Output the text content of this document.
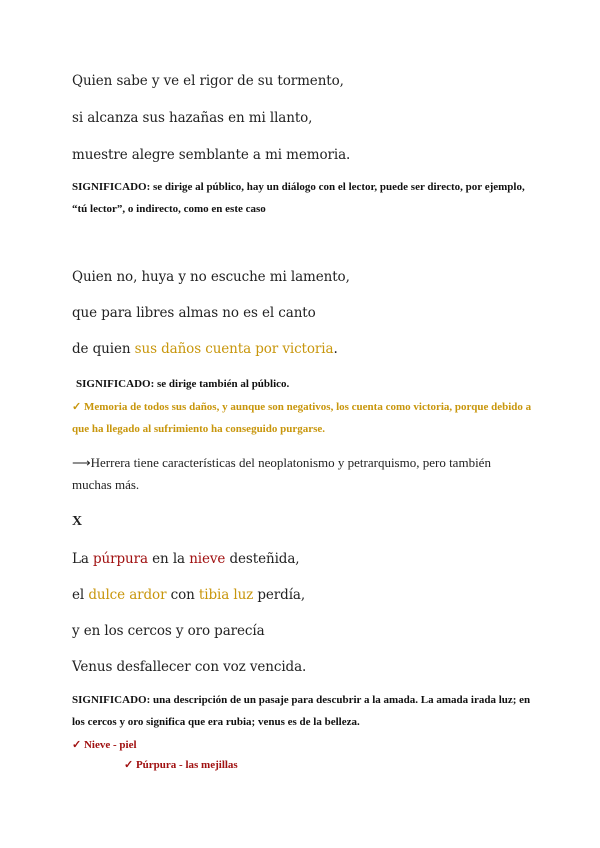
Quien sabe y ve el rigor de su tormento,
si alcanza sus hazañas en mi llanto,
muestre alegre semblante a mi memoria.
SIGNIFICADO: se dirige al público, hay un diálogo con el lector, puede ser directo, por ejemplo, “tú lector”, o indirecto, como en este caso
Quien no, huya y no escuche mi lamento,
que para libres almas no es el canto
de quien sus daños cuenta por victoria.
SIGNIFICADO: se dirige también al público.
✓ Memoria de todos sus daños, y aunque son negativos, los cuenta como victoria, porque debido a que ha llegado al sufrimiento ha conseguido purgarse.
⟶Herrera tiene características del neoplatonismo y petrarquismo, pero también muchas más.
X
La púrpura en la nieve desteñida,
el dulce ardor con tibia luz perdía,
y en los cercos y oro parecía
Venus desfallecer con voz vencida.
SIGNIFICADO: una descripción de un pasaje para descubrir a la amada. La amada irada luz; en los cercos y oro significa que era rubia; venus es de la belleza.
✓ Nieve - piel
✓ Púrpura - las mejillas
